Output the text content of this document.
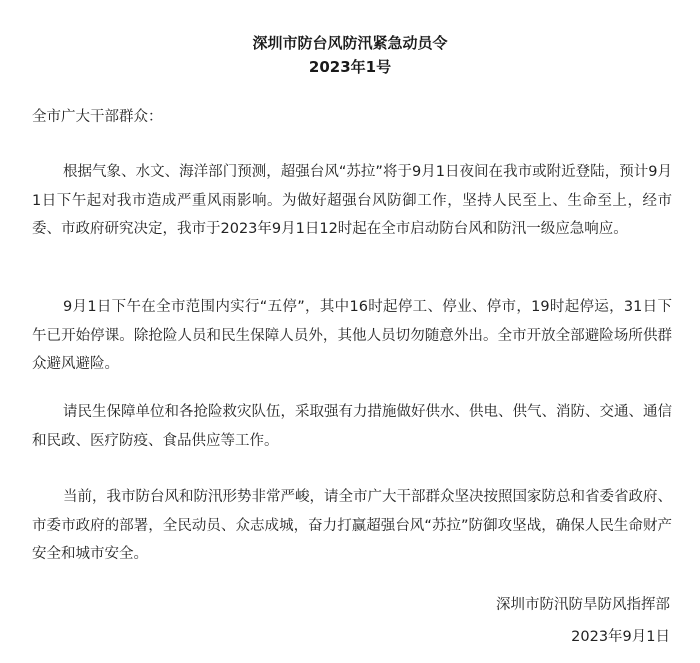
深圳市防台风防汛紧急动员令
2023年1号

全市广大干部群众：

根据气象、水文、海洋部门预测，超强台风“苏拉”将于9月1日夜间在我市或附近登陆，预计9月1日下午起对我市造成严重风雨影响。为做好超强台风防御工作，坚持人民至上、生命至上，经市委、市政府研究决定，我市于2023年9月1日12时起在全市启动防台风和防汛一级应急响应。

9月1日下午在全市范围内实行“五停”，其中16时起停工、停业、停市，19时起停运，31日下午已开始停课。除抢险人员和民生保障人员外，其他人员切勿随意外出。全市开放全部避险场所供群众避风避险。

请民生保障单位和各抢险救灾队伍，采取强有力措施做好供水、供电、供气、消防、交通、通信和民政、医疗防疫、食品供应等工作。

当前，我市防台风和防汛形势非常严峻，请全市广大干部群众坚决按照国家防总和省委省政府、市委市政府的部署，全民动员、众志成城，奋力打赢超强台风“苏拉”防御攻坚战，确保人民生命财产安全和城市安全。

深圳市防汛防旱防风指挥部

2023年9月1日
